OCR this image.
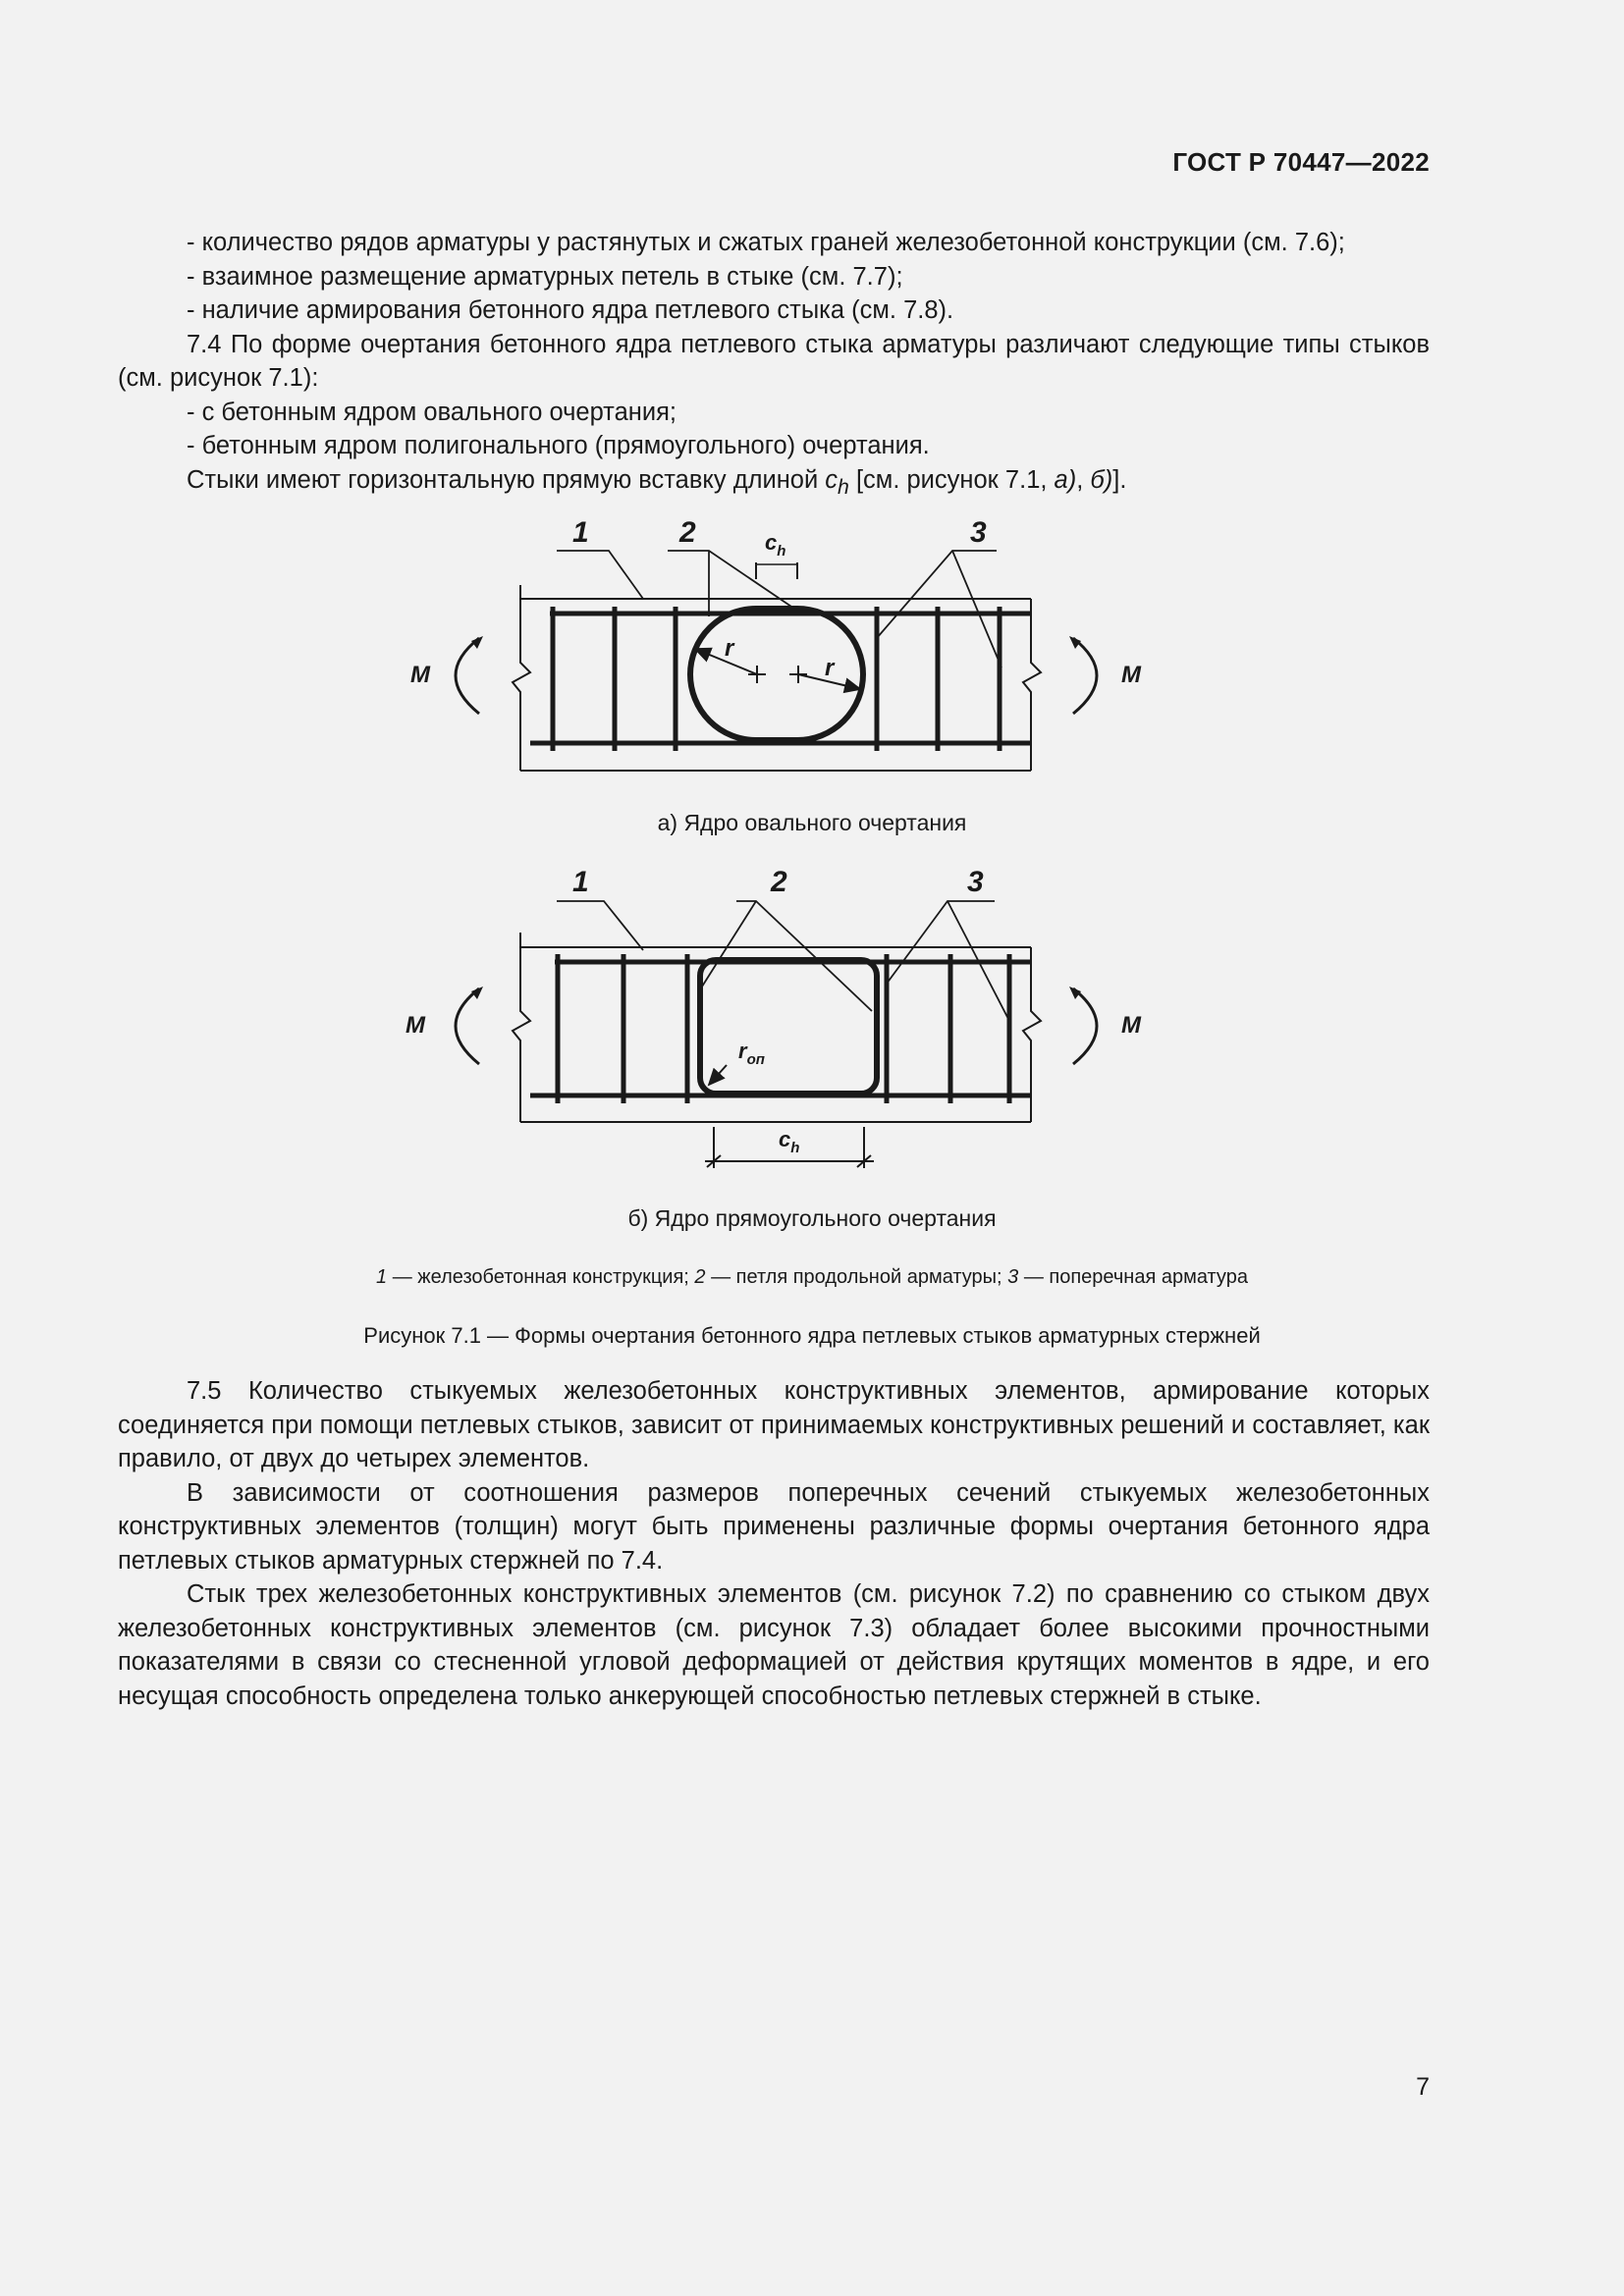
ГОСТ Р 70447—2022

- количество рядов арматуры у растянутых и сжатых граней железобетонной конструкции (см. 7.6);

- взаимное размещение арматурных петель в стыке (см. 7.7);

- наличие армирования бетонного ядра петлевого стыка (см. 7.8).

7.4 По форме очертания бетонного ядра петлевого стыка арматуры различают следующие типы стыков (см. рисунок 7.1):

- с бетонным ядром овального очертания;

- бетонным ядром полигонального (прямоугольного) очертания.

Стыки имеют горизонтальную прямую вставку длиной $c_h$ [см. рисунок 7.1, а), б)].

1	2	3
$c_h$
r
r
М	М
1	2	3
$r_{оп}$
$c_h$
М	М
а) Ядро овального очертания
б) Ядро прямоугольного очертания
1 — железобетонная конструкция; 2 — петля продольной арматуры; 3 — поперечная арматура
Рисунок 7.1 — Формы очертания бетонного ядра петлевых стыков арматурных стержней

7.5 Количество стыкуемых железобетонных конструктивных элементов, армирование которых соединяется при помощи петлевых стыков, зависит от принимаемых конструктивных решений и составляет, как правило, от двух до четырех элементов.

В зависимости от соотношения размеров поперечных сечений стыкуемых железобетонных конструктивных элементов (толщин) могут быть применены различные формы очертания бетонного ядра петлевых стыков арматурных стержней по 7.4.

Стык трех железобетонных конструктивных элементов (см. рисунок 7.2) по сравнению со стыком двух железобетонных конструктивных элементов (см. рисунок 7.3) обладает более высокими прочностными показателями в связи со стесненной угловой деформацией от действия крутящих моментов в ядре, и его несущая способность определена только анкерующей способностью петлевых стержней в стыке.

7
